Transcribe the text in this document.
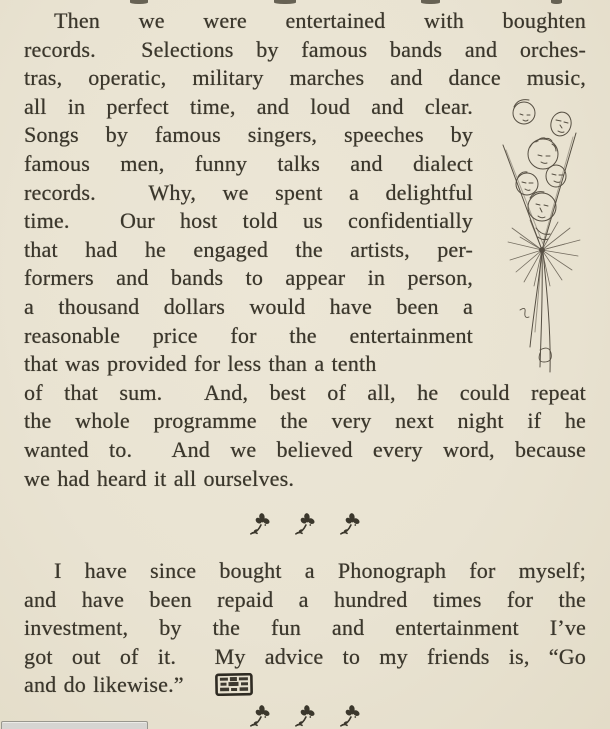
Then we were entertained with boughten
records.  Selections by famous bands and orches-
tras, operatic, military marches and dance music,
all in perfect time, and loud and clear.
Songs by famous singers, speeches by
famous men, funny talks and dialect
records.  Why, we spent a delightful
time.  Our host told us confidentially
that had he engaged the artists, per-
formers and bands to appear in person,
a thousand dollars would have been a
reasonable price for the entertainment
that was provided for less than a tenth
of that sum.  And, best of all, he could repeat
the whole programme the very next night if he
wanted to.  And we believed every word, because
we had heard it all ourselves.
I have since bought a Phonograph for myself;
and have been repaid a hundred times for the
investment, by the fun and entertainment I’ve
got out of it.  My advice to my friends is, “Go
and do likewise.”
